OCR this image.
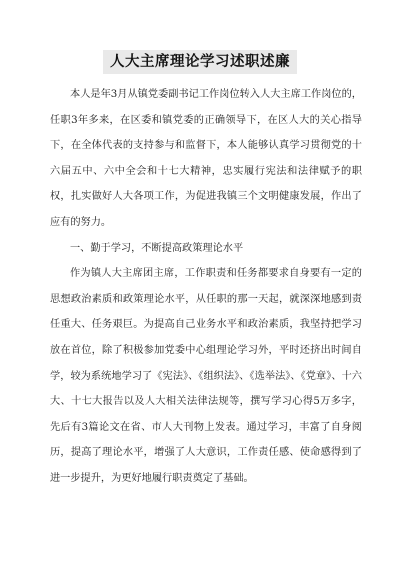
人大主席理论学习述职述廉

本人是年3月从镇党委副书记工作岗位转入人大主席工作岗位的，任职3年多来，在区委和镇党委的正确领导下，在区人大的关心指导下，在全体代表的支持参与和监督下，本人能够认真学习贯彻党的十六届五中、六中全会和十七大精神，忠实履行宪法和法律赋予的职权，扎实做好人大各项工作，为促进我镇三个文明健康发展，作出了应有的努力。

一、勤于学习，不断提高政策理论水平

作为镇人大主席团主席，工作职责和任务都要求自身要有一定的思想政治素质和政策理论水平，从任职的那一天起，就深深地感到责任重大、任务艰巨。为提高自己业务水平和政治素质，我坚持把学习放在首位，除了积极参加党委中心组理论学习外，平时还挤出时间自学，较为系统地学习了《宪法》、《组织法》、《选举法》、《党章》、十六大、十七大报告以及人大相关法律法规等，撰写学习心得5万多字，先后有3篇论文在省、市人大刊物上发表。通过学习，丰富了自身阅历，提高了理论水平，增强了人大意识，工作责任感、使命感得到了进一步提升，为更好地履行职责奠定了基础。
